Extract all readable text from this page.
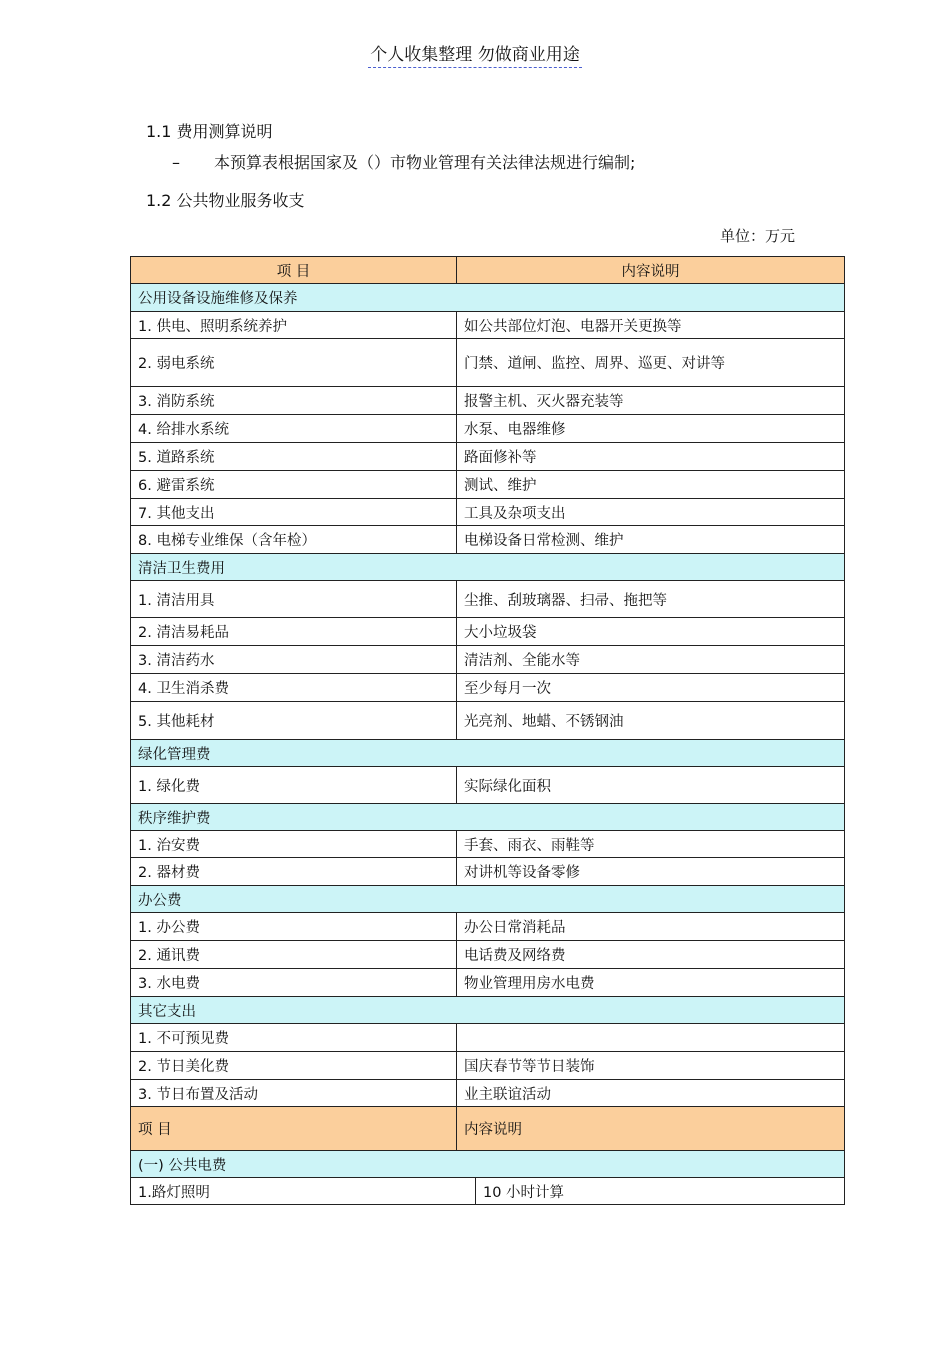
个人收集整理 勿做商业用途
1.1 费用测算说明
– 本预算表根据国家及（）市物业管理有关法律法规进行编制;
1.2 公共物业服务收支
单位：万元
项 目	内容说明
公用设备设施维修及保养	
1. 供电、照明系统养护	如公共部位灯泡、电器开关更换等
2. 弱电系统	门禁、道闸、监控、周界、巡更、对讲等
3. 消防系统	报警主机、灭火器充装等
4. 给排水系统	水泵、电器维修
5. 道路系统	路面修补等
6. 避雷系统	测试、维护
7. 其他支出	工具及杂项支出
8. 电梯专业维保（含年检）	电梯设备日常检测、维护
清洁卫生费用	
1. 清洁用具	尘推、刮玻璃器、扫帚、拖把等
2. 清洁易耗品	大小垃圾袋
3. 清洁药水	清洁剂、全能水等
4. 卫生消杀费	至少每月一次
5. 其他耗材	光亮剂、地蜡、不锈钢油
绿化管理费	
1. 绿化费	实际绿化面积
秩序维护费	
1. 治安费	手套、雨衣、雨鞋等
2. 器材费	对讲机等设备零修
办公费	
1. 办公费	办公日常消耗品
2. 通讯费	电话费及网络费
3. 水电费	物业管理用房水电费
其它支出	
1. 不可预见费	
2. 节日美化费	国庆春节等节日装饰
3. 节日布置及活动	业主联谊活动
项 目	内容说明
(一) 公共电费	
1.路灯照明	10 小时计算
